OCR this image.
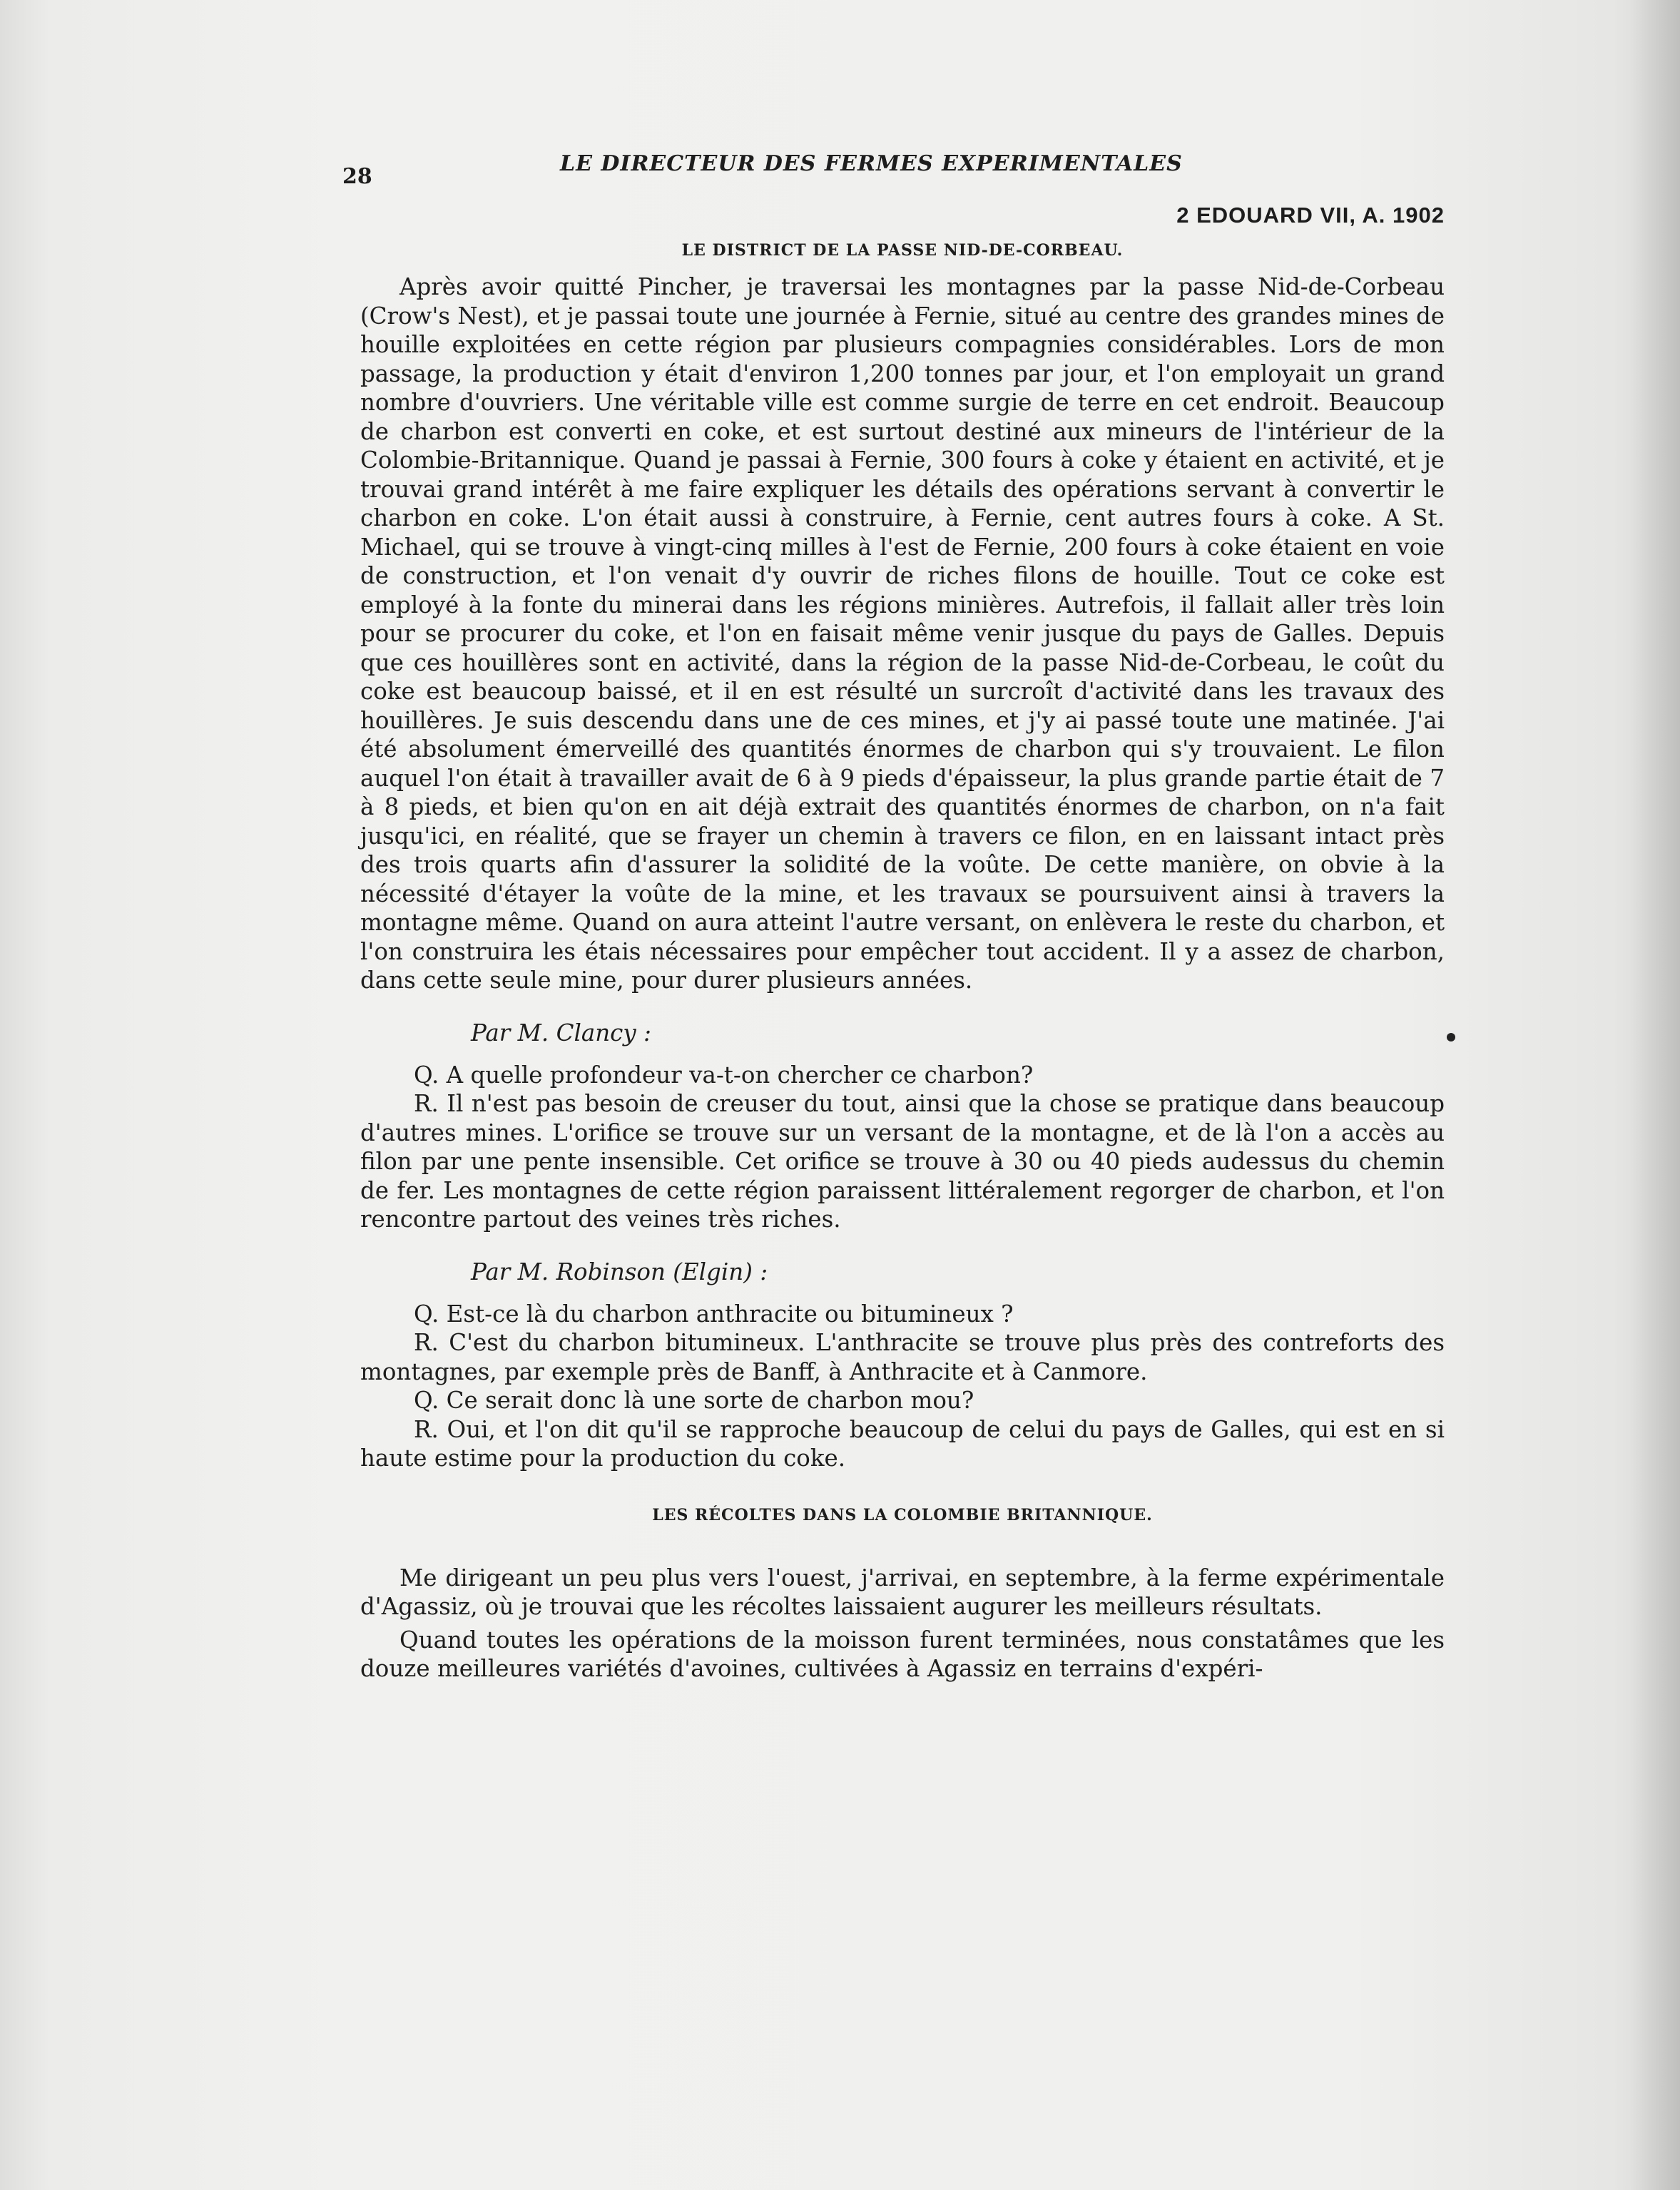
28
LE DIRECTEUR DES FERMES EXPERIMENTALES
2 EDOUARD VII, A. 1902
LE DISTRICT DE LA PASSE NID-DE-CORBEAU.

Après avoir quitté Pincher, je traversai les montagnes par la passe Nid-de-Corbeau (Crow's Nest), et je passai toute une journée à Fernie, situé au centre des grandes mines de houille exploitées en cette région par plusieurs compagnies considérables. Lors de mon passage, la production y était d'environ 1,200 tonnes par jour, et l'on employait un grand nombre d'ouvriers. Une véritable ville est comme surgie de terre en cet endroit. Beaucoup de charbon est converti en coke, et est surtout destiné aux mineurs de l'intérieur de la Colombie-Britannique. Quand je passai à Fernie, 300 fours à coke y étaient en activité, et je trouvai grand intérêt à me faire expliquer les détails des opérations servant à convertir le charbon en coke. L'on était aussi à construire, à Fernie, cent autres fours à coke. A St. Michael, qui se trouve à vingt-cinq milles à l'est de Fernie, 200 fours à coke étaient en voie de construction, et l'on venait d'y ouvrir de riches filons de houille. Tout ce coke est employé à la fonte du minerai dans les régions minières. Autrefois, il fallait aller très loin pour se procurer du coke, et l'on en faisait même venir jusque du pays de Galles. Depuis que ces houillères sont en activité, dans la région de la passe Nid-de-Corbeau, le coût du coke est beaucoup baissé, et il en est résulté un surcroît d'activité dans les travaux des houillères. Je suis descendu dans une de ces mines, et j'y ai passé toute une matinée. J'ai été absolument émerveillé des quantités énormes de charbon qui s'y trouvaient. Le filon auquel l'on était à travailler avait de 6 à 9 pieds d'épaisseur, la plus grande partie était de 7 à 8 pieds, et bien qu'on en ait déjà extrait des quantités énormes de charbon, on n'a fait jusqu'ici, en réalité, que se frayer un chemin à travers ce filon, en en laissant intact près des trois quarts afin d'assurer la solidité de la voûte. De cette manière, on obvie à la nécessité d'étayer la voûte de la mine, et les travaux se poursuivent ainsi à travers la montagne même. Quand on aura atteint l'autre versant, on enlèvera le reste du charbon, et l'on construira les étais nécessaires pour empêcher tout accident. Il y a assez de charbon, dans cette seule mine, pour durer plusieurs années.

Par M. Clancy :

Q. A quelle profondeur va-t-on chercher ce charbon?

R. Il n'est pas besoin de creuser du tout, ainsi que la chose se pratique dans beaucoup d'autres mines. L'orifice se trouve sur un versant de la montagne, et de là l'on a accès au filon par une pente insensible. Cet orifice se trouve à 30 ou 40 pieds audessus du chemin de fer. Les montagnes de cette région paraissent littéralement regorger de charbon, et l'on rencontre partout des veines très riches.

Par M. Robinson (Elgin) :

Q. Est-ce là du charbon anthracite ou bitumineux ?

R. C'est du charbon bitumineux. L'anthracite se trouve plus près des contreforts des montagnes, par exemple près de Banff, à Anthracite et à Canmore.

Q. Ce serait donc là une sorte de charbon mou?

R. Oui, et l'on dit qu'il se rapproche beaucoup de celui du pays de Galles, qui est en si haute estime pour la production du coke.

LES RÉCOLTES DANS LA COLOMBIE BRITANNIQUE.

Me dirigeant un peu plus vers l'ouest, j'arrivai, en septembre, à la ferme expérimentale d'Agassiz, où je trouvai que les récoltes laissaient augurer les meilleurs résultats.

Quand toutes les opérations de la moisson furent terminées, nous constatâmes que les douze meilleures variétés d'avoines, cultivées à Agassiz en terrains d'expéri-
